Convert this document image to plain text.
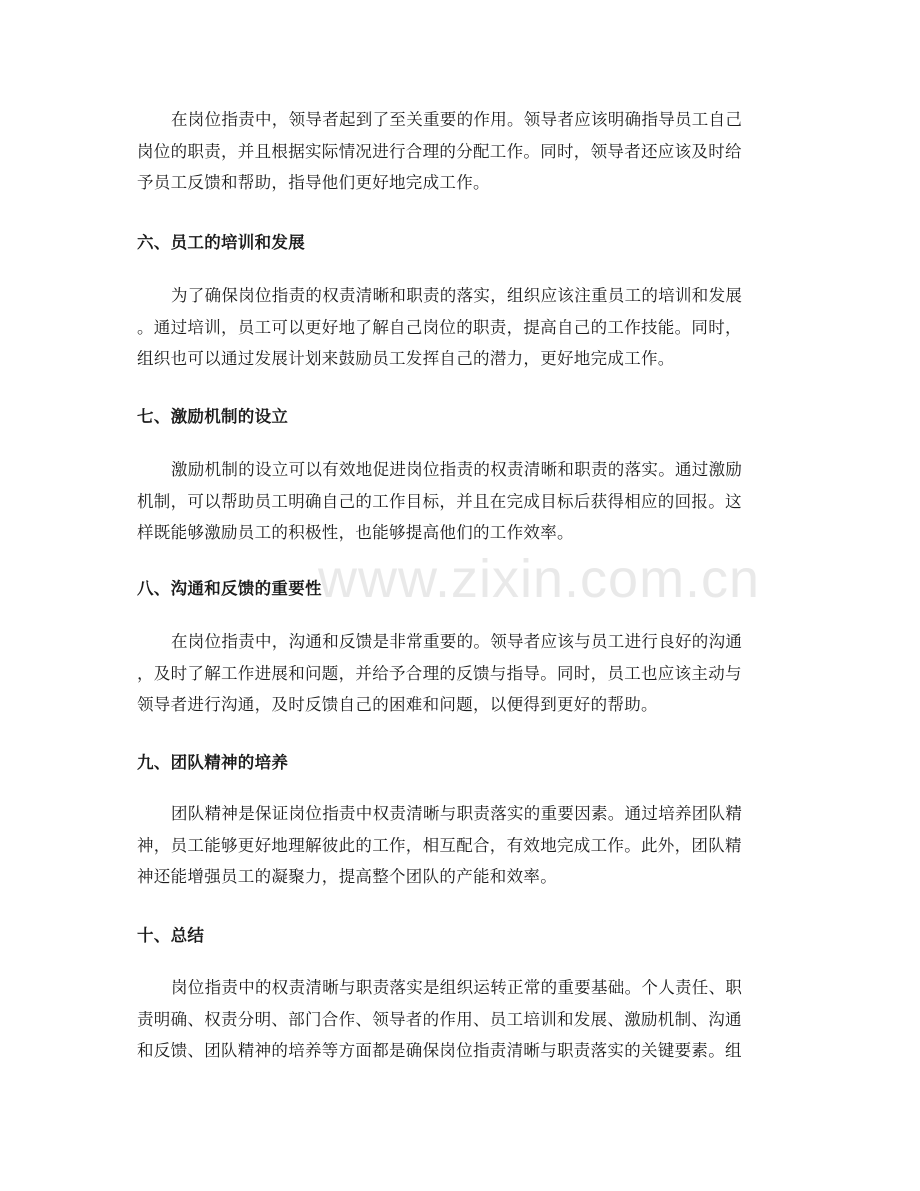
www.zixin.com.cn

在岗位指责中，领导者起到了至关重要的作用。领导者应该明确指导员工自己
岗位的职责，并且根据实际情况进行合理的分配工作。同时，领导者还应该及时给
予员工反馈和帮助，指导他们更好地完成工作。

六、员工的培训和发展

为了确保岗位指责的权责清晰和职责的落实，组织应该注重员工的培训和发展
。通过培训，员工可以更好地了解自己岗位的职责，提高自己的工作技能。同时，
组织也可以通过发展计划来鼓励员工发挥自己的潜力，更好地完成工作。

七、激励机制的设立

激励机制的设立可以有效地促进岗位指责的权责清晰和职责的落实。通过激励
机制，可以帮助员工明确自己的工作目标，并且在完成目标后获得相应的回报。这
样既能够激励员工的积极性，也能够提高他们的工作效率。

八、沟通和反馈的重要性

在岗位指责中，沟通和反馈是非常重要的。领导者应该与员工进行良好的沟通
，及时了解工作进展和问题，并给予合理的反馈与指导。同时，员工也应该主动与
领导者进行沟通，及时反馈自己的困难和问题，以便得到更好的帮助。

九、团队精神的培养

团队精神是保证岗位指责中权责清晰与职责落实的重要因素。通过培养团队精
神，员工能够更好地理解彼此的工作，相互配合，有效地完成工作。此外，团队精
神还能增强员工的凝聚力，提高整个团队的产能和效率。

十、总结

岗位指责中的权责清晰与职责落实是组织运转正常的重要基础。个人责任、职
责明确、权责分明、部门合作、领导者的作用、员工培训和发展、激励机制、沟通
和反馈、团队精神的培养等方面都是确保岗位指责清晰与职责落实的关键要素。组
